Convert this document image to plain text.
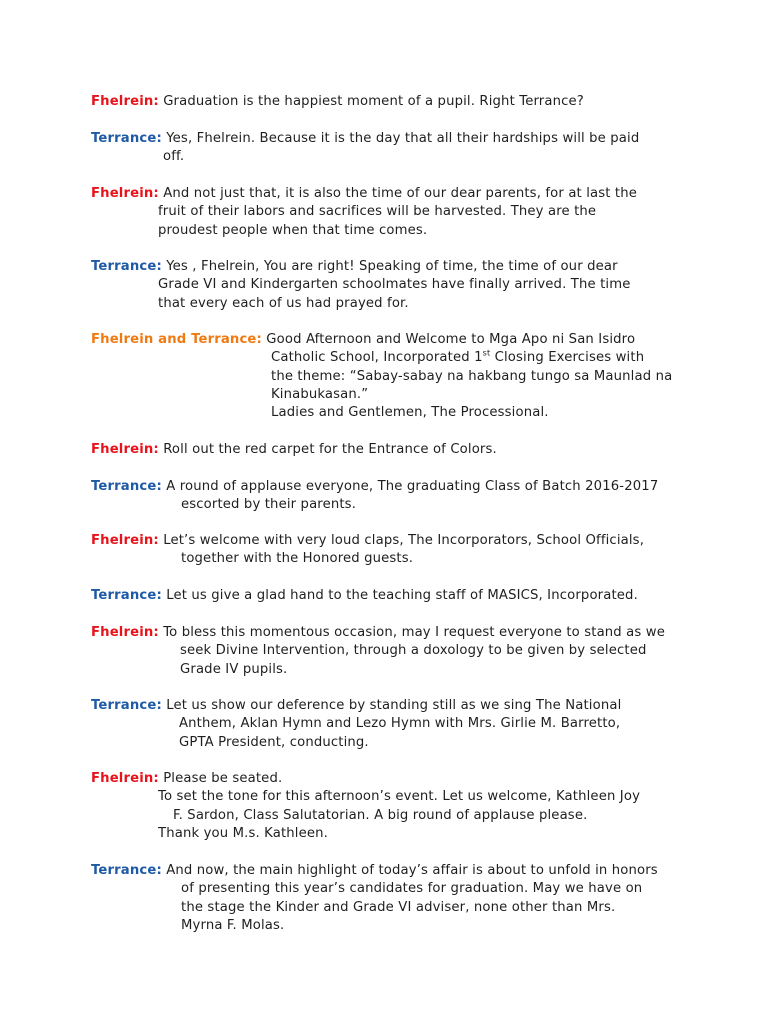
Fhelrein: Graduation is the happiest moment of a pupil. Right Terrance?
Terrance: Yes, Fhelrein. Because it is the day that all their hardships will be paid
off.
Fhelrein: And not just that, it is also the time of our dear parents, for at last the
fruit of their labors and sacrifices will be harvested. They are the
proudest people when that time comes.
Terrance: Yes , Fhelrein, You are right! Speaking of time, the time of our dear
Grade VI and Kindergarten schoolmates have finally arrived. The time
that every each of us had prayed for.
Fhelrein and Terrance: Good Afternoon and Welcome to Mga Apo ni San Isidro
Catholic School, Incorporated 1st Closing Exercises with
the theme: “Sabay-sabay na hakbang tungo sa Maunlad na
Kinabukasan.”
Ladies and Gentlemen, The Processional.
Fhelrein: Roll out the red carpet for the Entrance of Colors.
Terrance: A round of applause everyone, The graduating Class of Batch 2016-2017
escorted by their parents.
Fhelrein: Let’s welcome with very loud claps, The Incorporators, School Officials,
together with the Honored guests.
Terrance: Let us give a glad hand to the teaching staff of MASICS, Incorporated.
Fhelrein: To bless this momentous occasion, may I request everyone to stand as we
seek Divine Intervention, through a doxology to be given by selected
Grade IV pupils.
Terrance: Let us show our deference by standing still as we sing The National
Anthem, Aklan Hymn and Lezo Hymn with Mrs. Girlie M. Barretto,
GPTA President, conducting.
Fhelrein: Please be seated.
To set the tone for this afternoon’s event. Let us welcome, Kathleen Joy
F. Sardon, Class Salutatorian. A big round of applause please.
Thank you M.s. Kathleen.
Terrance: And now, the main highlight of today’s affair is about to unfold in honors
of presenting this year’s candidates for graduation. May we have on
the stage the Kinder and Grade VI adviser, none other than Mrs.
Myrna F. Molas.
